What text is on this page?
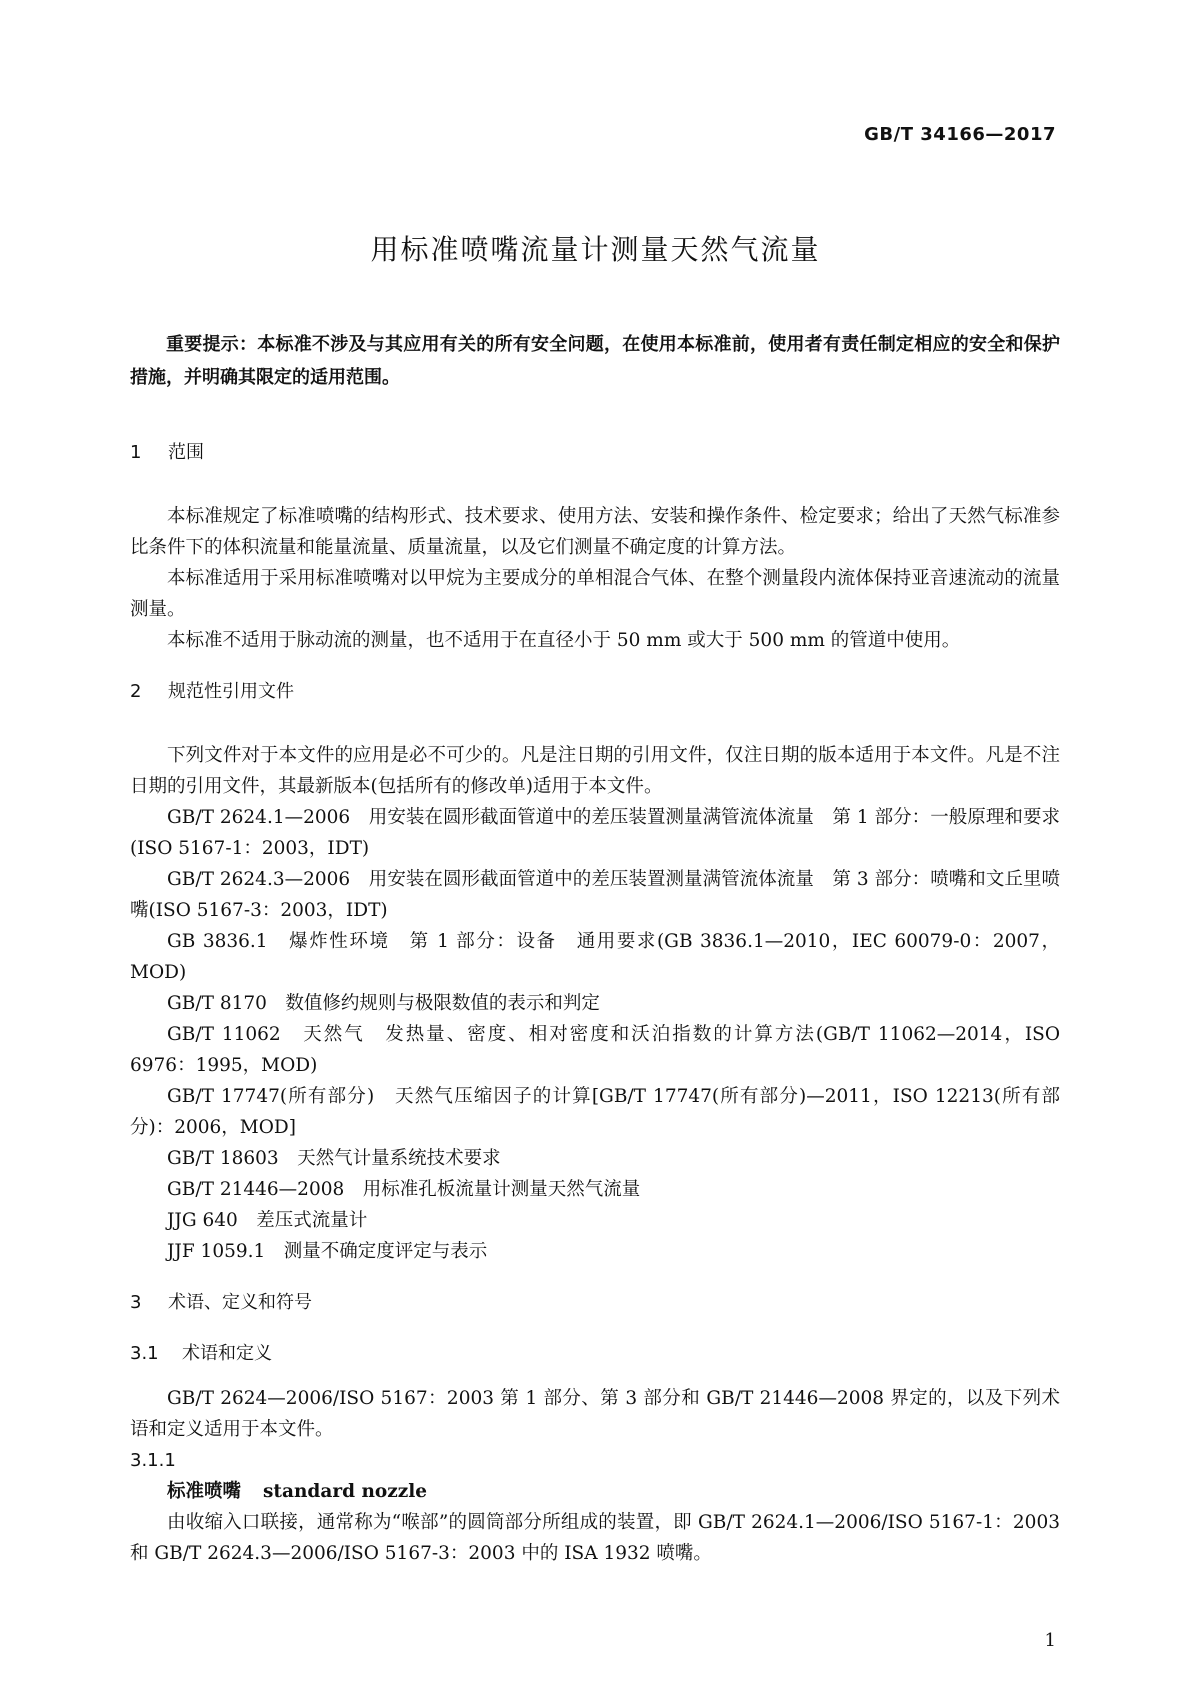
GB/T 34166—2017
用标准喷嘴流量计测量天然气流量

重要提示：本标准不涉及与其应用有关的所有安全问题，在使用本标准前，使用者有责任制定相应的安全和保护措施，并明确其限定的适用范围。

1 范围

本标准规定了标准喷嘴的结构形式、技术要求、使用方法、安装和操作条件、检定要求；给出了天然气标准参比条件下的体积流量和能量流量、质量流量，以及它们测量不确定度的计算方法。

本标准适用于采用标准喷嘴对以甲烷为主要成分的单相混合气体、在整个测量段内流体保持亚音速流动的流量测量。

本标准不适用于脉动流的测量，也不适用于在直径小于 50 mm 或大于 500 mm 的管道中使用。

2 规范性引用文件

下列文件对于本文件的应用是必不可少的。凡是注日期的引用文件，仅注日期的版本适用于本文件。凡是不注日期的引用文件，其最新版本(包括所有的修改单)适用于本文件。

GB/T 2624.1—2006　用安装在圆形截面管道中的差压装置测量满管流体流量　第 1 部分：一般原理和要求(ISO 5167-1：2003，IDT)

GB/T 2624.3—2006　用安装在圆形截面管道中的差压装置测量满管流体流量　第 3 部分：喷嘴和文丘里喷嘴(ISO 5167-3：2003，IDT)

GB 3836.1　爆炸性环境　第 1 部分：设备　通用要求(GB 3836.1—2010，IEC 60079-0：2007，MOD)

GB/T 8170　数值修约规则与极限数值的表示和判定

GB/T 11062　天然气　发热量、密度、相对密度和沃泊指数的计算方法(GB/T 11062—2014，ISO 6976：1995，MOD)

GB/T 17747(所有部分)　天然气压缩因子的计算[GB/T 17747(所有部分)—2011，ISO 12213(所有部分)：2006，MOD]

GB/T 18603　天然气计量系统技术要求

GB/T 21446—2008　用标准孔板流量计测量天然气流量

JJG 640　差压式流量计

JJF 1059.1　测量不确定度评定与表示

3 术语、定义和符号
3.1 术语和定义

GB/T 2624—2006/ISO 5167：2003 第 1 部分、第 3 部分和 GB/T 21446—2008 界定的，以及下列术语和定义适用于本文件。

3.1.1

标准喷嘴 standard nozzle

由收缩入口联接，通常称为“喉部”的圆筒部分所组成的装置，即 GB/T 2624.1—2006/ISO 5167-1：2003 和 GB/T 2624.3—2006/ISO 5167-3：2003 中的 ISA 1932 喷嘴。

1
